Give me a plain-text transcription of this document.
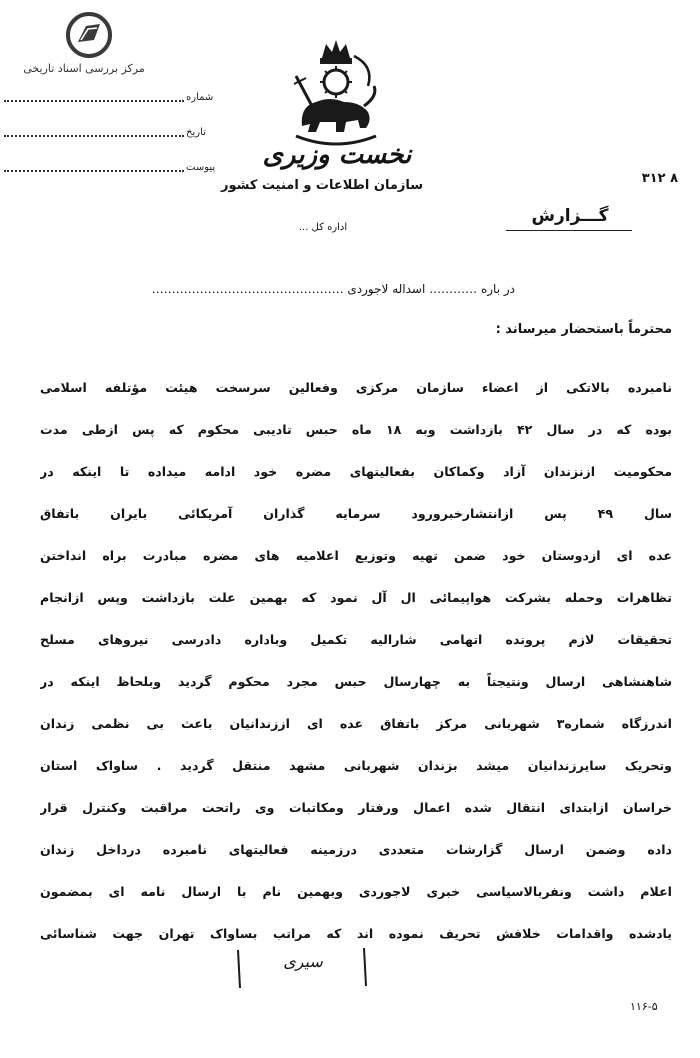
مرکز بررسی اسناد تاریخی
شماره
تاریخ
پیوست نخست وزیری
سازمان اطلاعات و امنیت کشور
اداره کل ...
۳۱۲ ۸
گـــزارش
در باره ………… اسداله لاجوردی …………………………………………
محترماً باستحضار میرساند :
نامبرده بالاتکی از اعضاء سازمان مرکزی وفعالین سرسخت هیئت مؤتلفه اسلامی
بوده که در سال ۴۲ بازداشت وبه ۱۸ ماه حبس تادیبی محکوم که پس ازطی مدت
محکومیت ازنزندان آزاد وکماکان بفعالیتهای مضره خود ادامه میداده تا اینکه در
سال ۴۹ پس ازانتشارخبرورود سرمایه گذاران آمریکائی بایران باتفاق
عده ای ازدوستان خود ضمن تهیه وتوزیع اعلامیه های مضره مبادرت براه انداختن
تظاهرات وحمله بشرکت هواپیمائی ال آل نمود که بهمین علت بازداشت وپس ازانجام
تحقیقات لازم پرونده اتهامی شارالیه تکمیل وباداره دادرسی نیروهای مسلح
شاهنشاهی ارسال ونتیجتاً به چهارسال حبس مجرد محکوم گردید وبلحاظ اینکه در
اندرزگاه شماره۳ شهربانی مرکز باتفاق عده ای اززندانیان باعث بی نظمی زندان
وتحریک سایرزندانیان میشد بزندان شهربانی مشهد منتقل گردید . ساواک استان
خراسان ازابتدای انتقال شده اعمال ورفتار ومکاتبات وی راتحت مراقبت وکنترل قرار
داده وضمن ارسال گزارشات متعددی درزمینه فعالیتهای نامبرده درداخل زندان
اعلام داشت ونفربالاسیاسی خبری لاجوردی وبهمین نام با ارسال نامه ای بمضمون
یادشده واقدامات خلافش تحریف نموده اند که مراتب بساواک تهران جهت شناسائی
سیری
۱۱۶-۵
